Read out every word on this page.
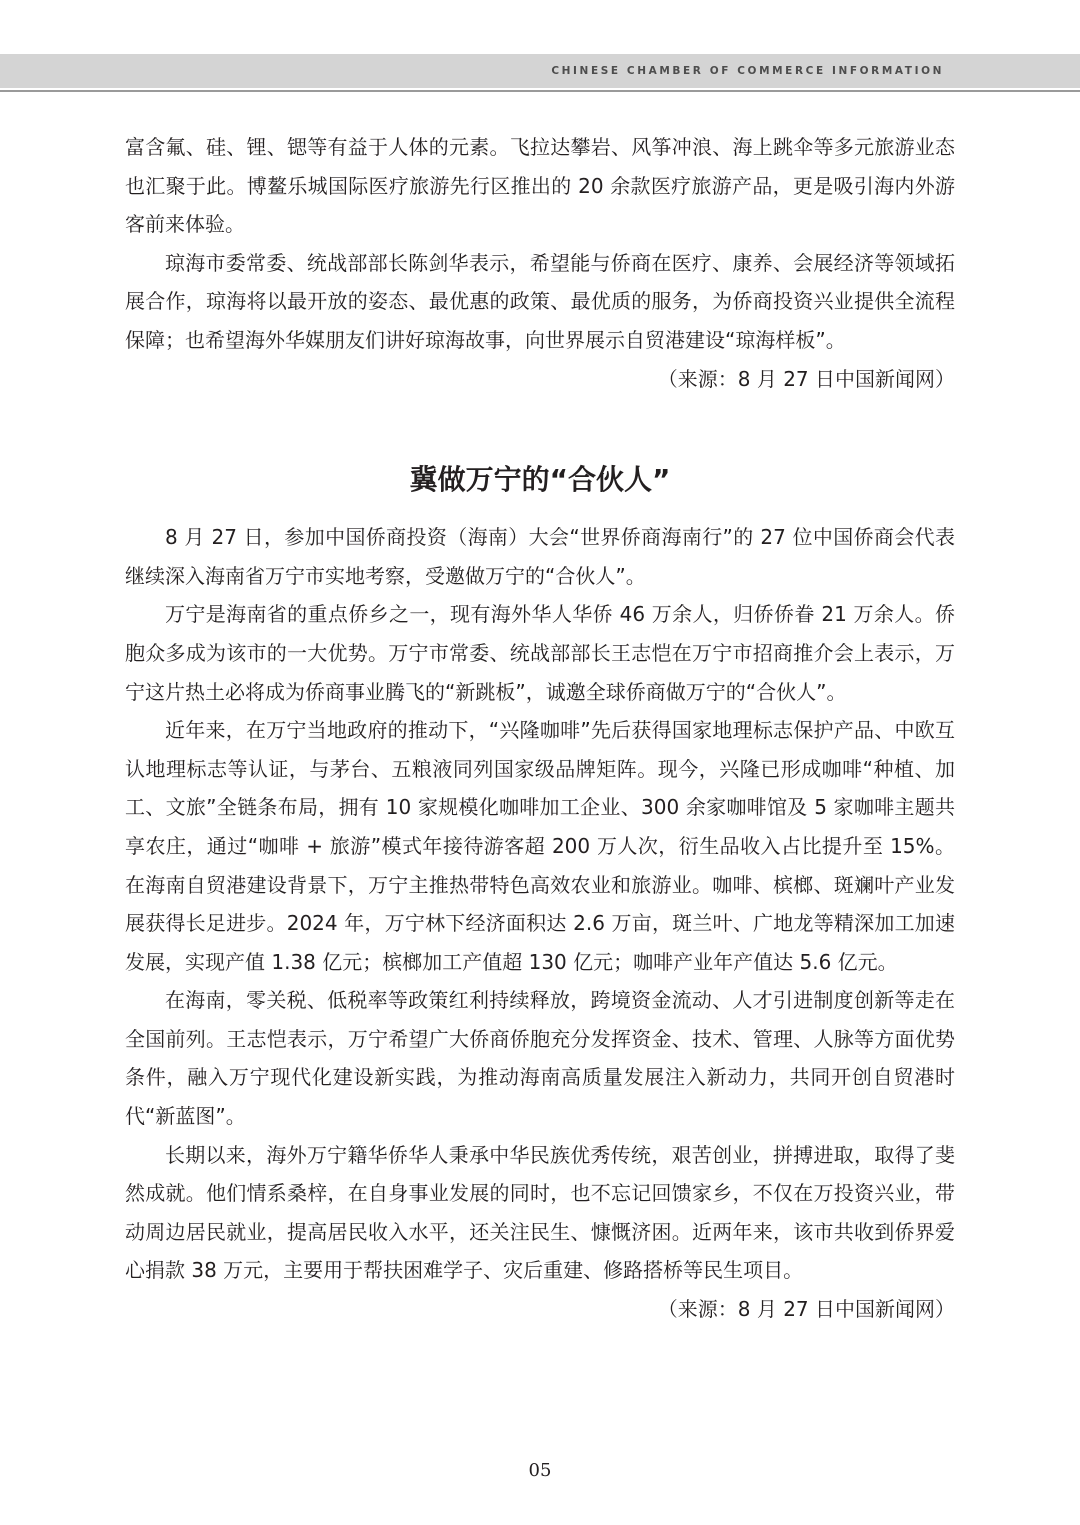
CHINESE CHAMBER OF COMMERCE INFORMATION

富含氟、硅、锂、锶等有益于人体的元素。飞拉达攀岩、风筝冲浪、海上跳伞等多元旅游业态也汇聚于此。博鳌乐城国际医疗旅游先行区推出的 20 余款医疗旅游产品，更是吸引海内外游客前来体验。

琼海市委常委、统战部部长陈剑华表示，希望能与侨商在医疗、康养、会展经济等领域拓展合作，琼海将以最开放的姿态、最优惠的政策、最优质的服务，为侨商投资兴业提供全流程保障；也希望海外华媒朋友们讲好琼海故事，向世界展示自贸港建设“琼海样板”。

（来源：8 月 27 日中国新闻网）

冀做万宁的“合伙人”

8 月 27 日，参加中国侨商投资（海南）大会“世界侨商海南行”的 27 位中国侨商会代表继续深入海南省万宁市实地考察，受邀做万宁的“合伙人”。

万宁是海南省的重点侨乡之一，现有海外华人华侨 46 万余人，归侨侨眷 21 万余人。侨胞众多成为该市的一大优势。万宁市常委、统战部部长王志恺在万宁市招商推介会上表示，万宁这片热土必将成为侨商事业腾飞的“新跳板”，诚邀全球侨商做万宁的“合伙人”。

近年来，在万宁当地政府的推动下，“兴隆咖啡”先后获得国家地理标志保护产品、中欧互认地理标志等认证，与茅台、五粮液同列国家级品牌矩阵。现今，兴隆已形成咖啡“种植、加工、文旅”全链条布局，拥有 10 家规模化咖啡加工企业、300 余家咖啡馆及 5 家咖啡主题共享农庄，通过“咖啡 + 旅游”模式年接待游客超 200 万人次，衍生品收入占比提升至 15%。在海南自贸港建设背景下，万宁主推热带特色高效农业和旅游业。咖啡、槟榔、斑斓叶产业发展获得长足进步。2024 年，万宁林下经济面积达 2.6 万亩，斑兰叶、广地龙等精深加工加速发展，实现产值 1.38 亿元；槟榔加工产值超 130 亿元；咖啡产业年产值达 5.6 亿元。

在海南，零关税、低税率等政策红利持续释放，跨境资金流动、人才引进制度创新等走在全国前列。王志恺表示，万宁希望广大侨商侨胞充分发挥资金、技术、管理、人脉等方面优势条件，融入万宁现代化建设新实践，为推动海南高质量发展注入新动力，共同开创自贸港时代“新蓝图”。

长期以来，海外万宁籍华侨华人秉承中华民族优秀传统，艰苦创业，拼搏进取，取得了斐然成就。他们情系桑梓，在自身事业发展的同时，也不忘记回馈家乡，不仅在万投资兴业，带动周边居民就业，提高居民收入水平，还关注民生、慷慨济困。近两年来，该市共收到侨界爱心捐款 38 万元，主要用于帮扶困难学子、灾后重建、修路搭桥等民生项目。

（来源：8 月 27 日中国新闻网）

05
